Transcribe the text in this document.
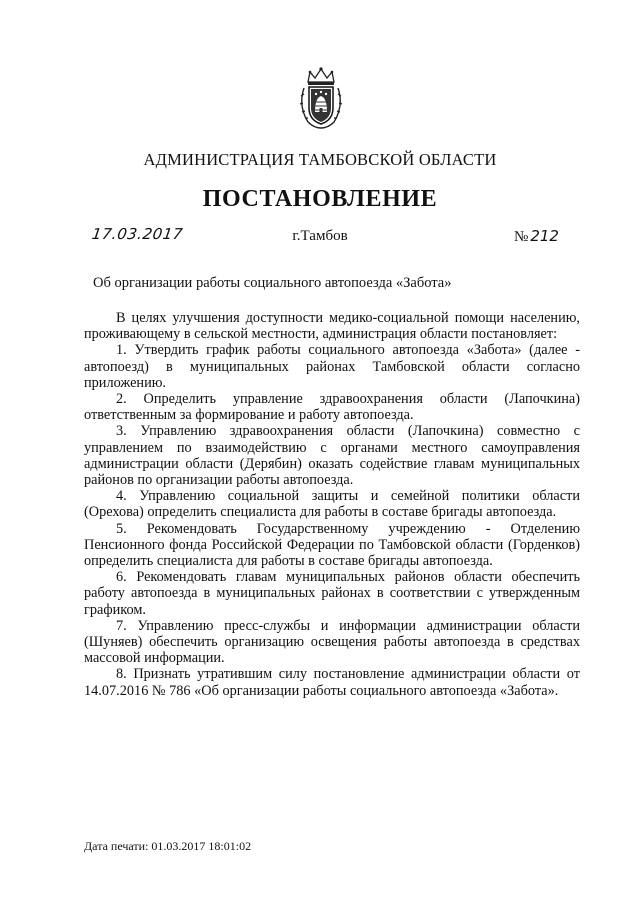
АДМИНИСТРАЦИЯ ТАМБОВСКОЙ ОБЛАСТИ
ПОСТАНОВЛЕНИЕ
17.03.2017	г.Тамбов	№ 212
Об организации работы социального автопоезда «Забота»

В целях улучшения доступности медико-социальной помощи населению, проживающему в сельской местности, администрация области постановляет:

1. Утвердить график работы социального автопоезда «Забота» (далее - автопоезд) в муниципальных районах Тамбовской области согласно приложению.

2. Определить управление здравоохранения области (Лапочкина) ответственным за формирование и работу автопоезда.

3. Управлению здравоохранения области (Лапочкина) совместно с управлением по взаимодействию с органами местного самоуправления администрации области (Дерябин) оказать содействие главам муниципальных районов по организации работы автопоезда.

4. Управлению социальной защиты и семейной политики области (Орехова) определить специалиста для работы в составе бригады автопоезда.

5. Рекомендовать Государственному учреждению - Отделению Пенсионного фонда Российской Федерации по Тамбовской области (Горденков) определить специалиста для работы в составе бригады автопоезда.

6. Рекомендовать главам муниципальных районов области обеспечить работу автопоезда в муниципальных районах в соответствии с утвержденным графиком.

7. Управлению пресс-службы и информации администрации области (Шуняев) обеспечить организацию освещения работы автопоезда в средствах массовой информации.

8. Признать утратившим силу постановление администрации области от 14.07.2016 № 786 «Об организации работы социального автопоезда «Забота».

Дата печати: 01.03.2017 18:01:02
